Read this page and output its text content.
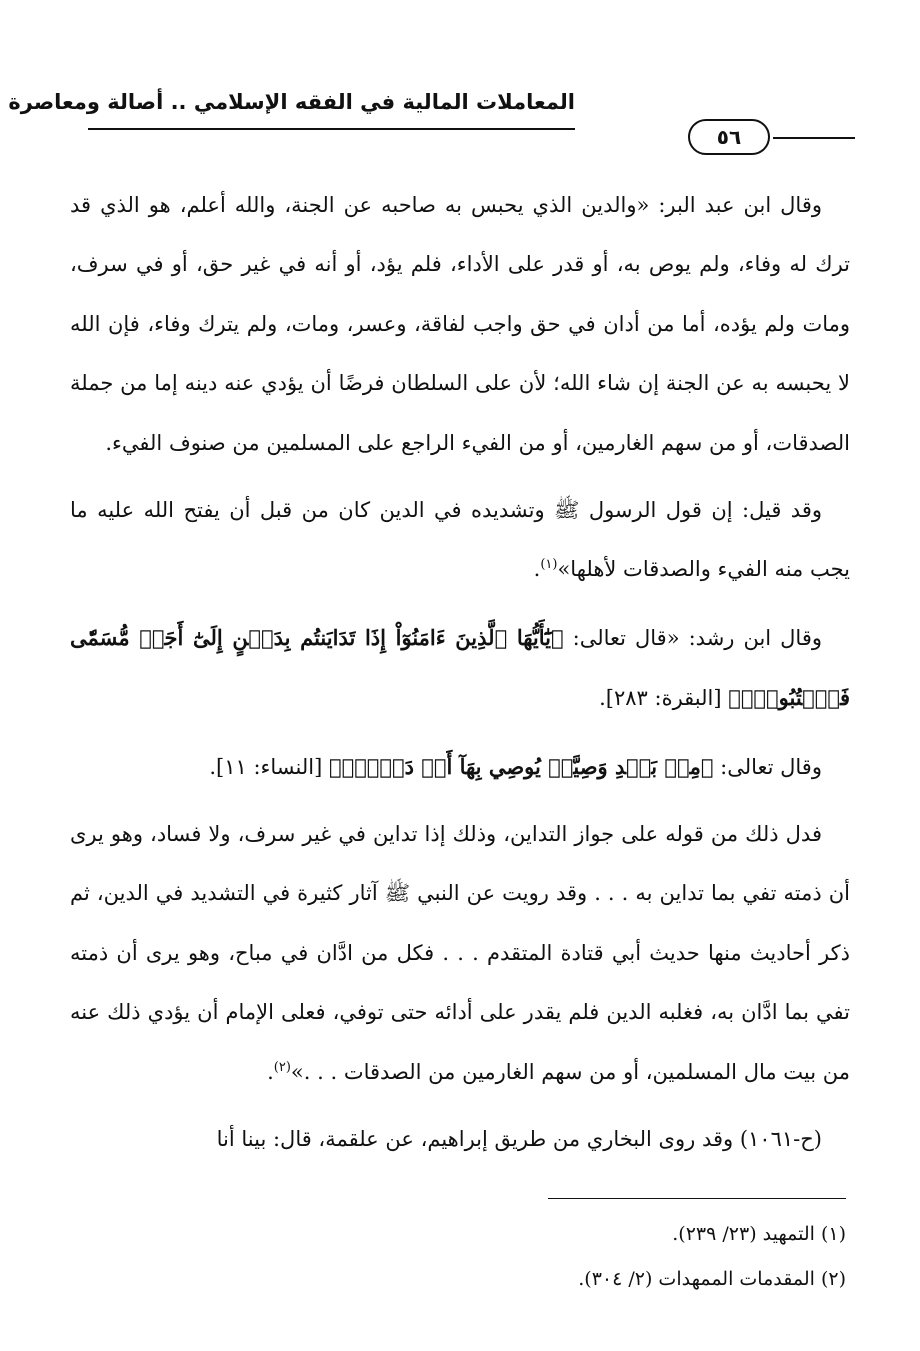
المعاملات المالية في الفقه الإسلامي .. أصالة ومعاصرة
٥٦

وقال ابن عبد البر: «والدين الذي يحبس به صاحبه عن الجنة، والله أعلم، هو الذي قد ترك له وفاء، ولم يوص به، أو قدر على الأداء، فلم يؤد، أو أنه في غير حق، أو في سرف، ومات ولم يؤده، أما من أدان في حق واجب لفاقة، وعسر، ومات، ولم يترك وفاء، فإن الله لا يحبسه به عن الجنة إن شاء الله؛ لأن على السلطان فرضًا أن يؤدي عنه دينه إما من جملة الصدقات، أو من سهم الغارمين، أو من الفيء الراجع على المسلمين من صنوف الفيء.

وقد قيل: إن قول الرسول ﷺ وتشديده في الدين كان من قبل أن يفتح الله عليه ما يجب منه الفيء والصدقات لأهلها»$^{(١)}$.

وقال ابن رشد: «قال تعالى: ﴿يَٰٓأَيُّهَا ٱلَّذِينَ ءَامَنُوٓاْ إِذَا تَدَايَنتُم بِدَيۡنٍ إِلَىٰٓ أَجَلٖ مُّسَمّٗى فَٱكۡتُبُوهُۚ﴾ [البقرة: ٢٨٣].

وقال تعالى: ﴿مِنۢ بَعۡدِ وَصِيَّةٖ يُوصِي بِهَآ أَوۡ دَيۡنٍۗ﴾ [النساء: ١١].

فدل ذلك من قوله على جواز التداين، وذلك إذا تداين في غير سرف، ولا فساد، وهو يرى أن ذمته تفي بما تداين به . . . وقد رويت عن النبي ﷺ آثار كثيرة في التشديد في الدين، ثم ذكر أحاديث منها حديث أبي قتادة المتقدم . . . فكل من ادَّان في مباح، وهو يرى أن ذمته تفي بما ادَّان به، فغلبه الدين فلم يقدر على أدائه حتى توفي، فعلى الإمام أن يؤدي ذلك عنه من بيت مال المسلمين، أو من سهم الغارمين من الصدقات . . .»$^{(٢)}$.

(ح-١٠٦١) وقد روى البخاري من طريق إبراهيم، عن علقمة، قال: بينا أنا

(١) التمهيد (٢٣/ ٢٣٩).

(٢) المقدمات الممهدات (٢/ ٣٠٤).
